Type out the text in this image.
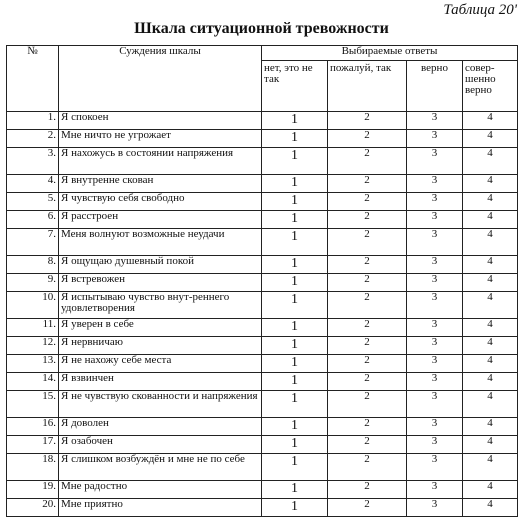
Таблица 20'
Шкала ситуационной тревожности
№	Суждения шкалы	Выбираемые ответы			
		нет, это не так	пожалуй, так	верно	совер-шенно верно
1.	Я спокоен	1	2	3	4
2.	Мне ничто не угрожает	1	2	3	4
3.	Я нахожусь в состоянии напряжения	1	2	3	4
4.	Я внутренне скован	1	2	3	4
5.	Я чувствую себя свободно	1	2	3	4
6.	Я расстроен	1	2	3	4
7.	Меня волнуют возможные неудачи	1	2	3	4
8.	Я ощущаю душевный покой	1	2	3	4
9.	Я встревожен	1	2	3	4
10.	Я испытываю чувство внут-реннего удовлетворения	1	2	3	4
11.	Я уверен в себе	1	2	3	4
12.	Я нервничаю	1	2	3	4
13.	Я не нахожу себе места	1	2	3	4
14.	Я взвинчен	1	2	3	4
15.	Я не чувствую скованности и напряжения	1	2	3	4
16.	Я доволен	1	2	3	4
17.	Я озабочен	1	2	3	4
18.	Я слишком возбуждён и мне не по себе	1	2	3	4
19.	Мне радостно	1	2	3	4
20.	Мне приятно	1	2	3	4
